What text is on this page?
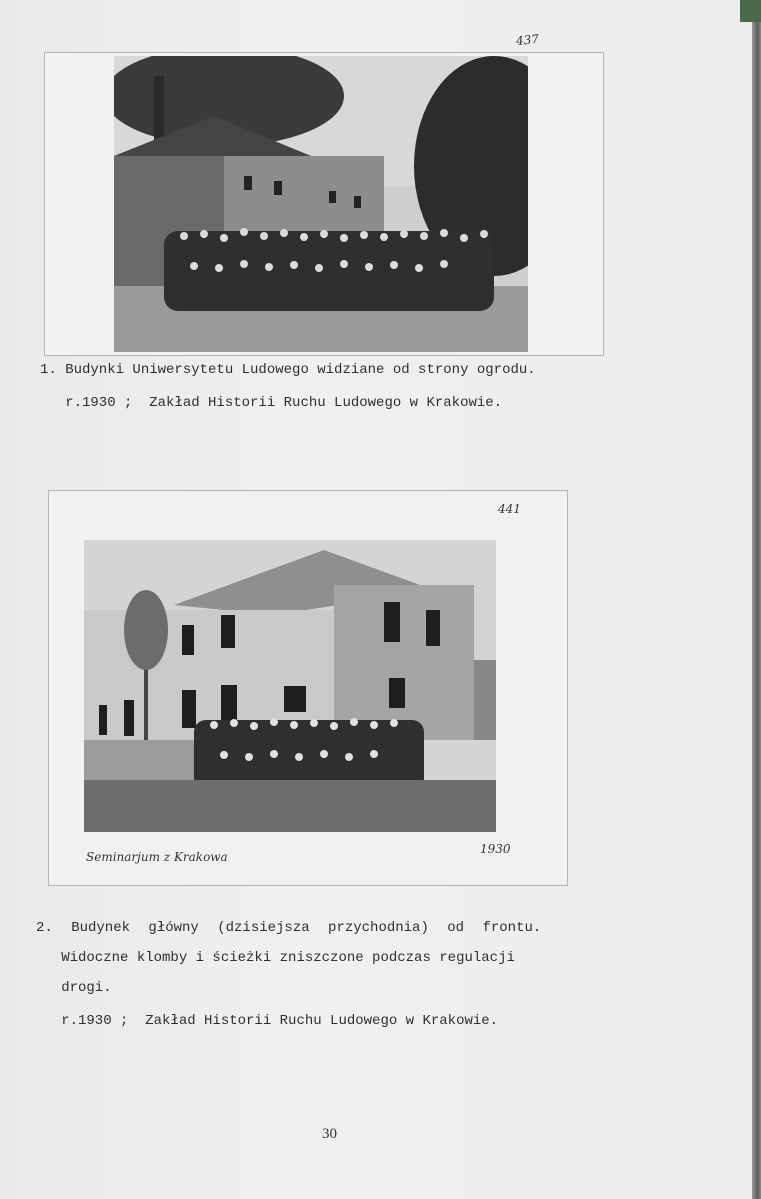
437
1. Budynki Uniwersytetu Ludowego widziane od strony ogrodu.
r.1930 ;  Zakład Historii Ruchu Ludowego w Krakowie.
441
Seminarjum z Krakowa
1930
2. Budynek główny (dzisiejsza przychodnia) od frontu.
Widoczne klomby i ścieżki zniszczone podczas regulacji
drogi.
r.1930 ;  Zakład Historii Ruchu Ludowego w Krakowie.
30
